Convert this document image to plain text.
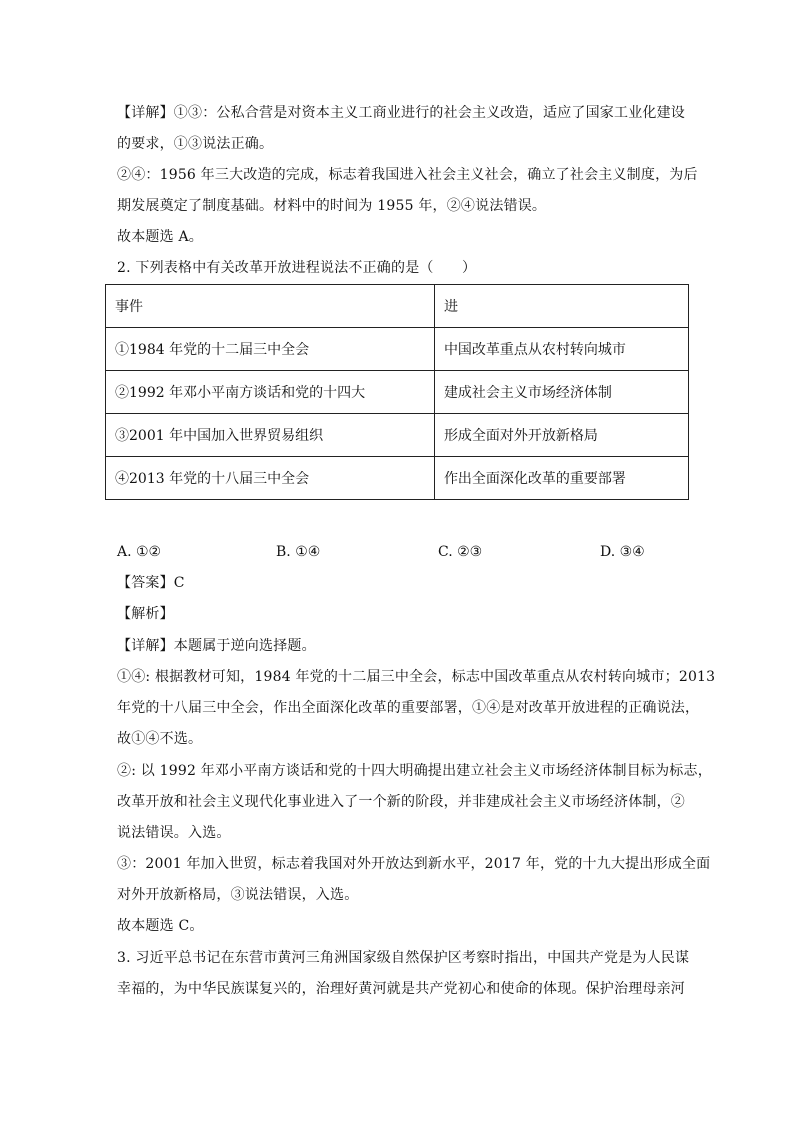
【详解】①③：公私合营是对资本主义工商业进行的社会主义改造，适应了国家工业化建设
的要求，①③说法正确。
②④：1956 年三大改造的完成，标志着我国进入社会主义社会，确立了社会主义制度，为后
期发展奠定了制度基础。材料中的时间为 1955 年，②④说法错误。
故本题选 A。
2. 下列表格中有关改革开放进程说法不正确的是（　　）
事件	进
①1984 年党的十二届三中全会	中国改革重点从农村转向城市
②1992 年邓小平南方谈话和党的十四大	建成社会主义市场经济体制
③2001 年中国加入世界贸易组织	形成全面对外开放新格局
④2013 年党的十八届三中全会	作出全面深化改革的重要部署
A. ①②	B. ①④	C. ②③	D. ③④
【答案】C
【解析】
【详解】本题属于逆向选择题。
①④: 根据教材可知，1984 年党的十二届三中全会，标志中国改革重点从农村转向城市；2013
年党的十八届三中全会，作出全面深化改革的重要部署，①④是对改革开放进程的正确说法，
故①④不选。
②: 以 1992 年邓小平南方谈话和党的十四大明确提出建立社会主义市场经济体制目标为标志，
改革开放和社会主义现代化事业进入了一个新的阶段，并非建成社会主义市场经济体制，②
说法错误。入选。
③：2001 年加入世贸，标志着我国对外开放达到新水平，2017 年，党的十九大提出形成全面
对外开放新格局，③说法错误，入选。
故本题选 C。
3. 习近平总书记在东营市黄河三角洲国家级自然保护区考察时指出，中国共产党是为人民谋
幸福的，为中华民族谋复兴的，治理好黄河就是共产党初心和使命的体现。保护治理母亲河
